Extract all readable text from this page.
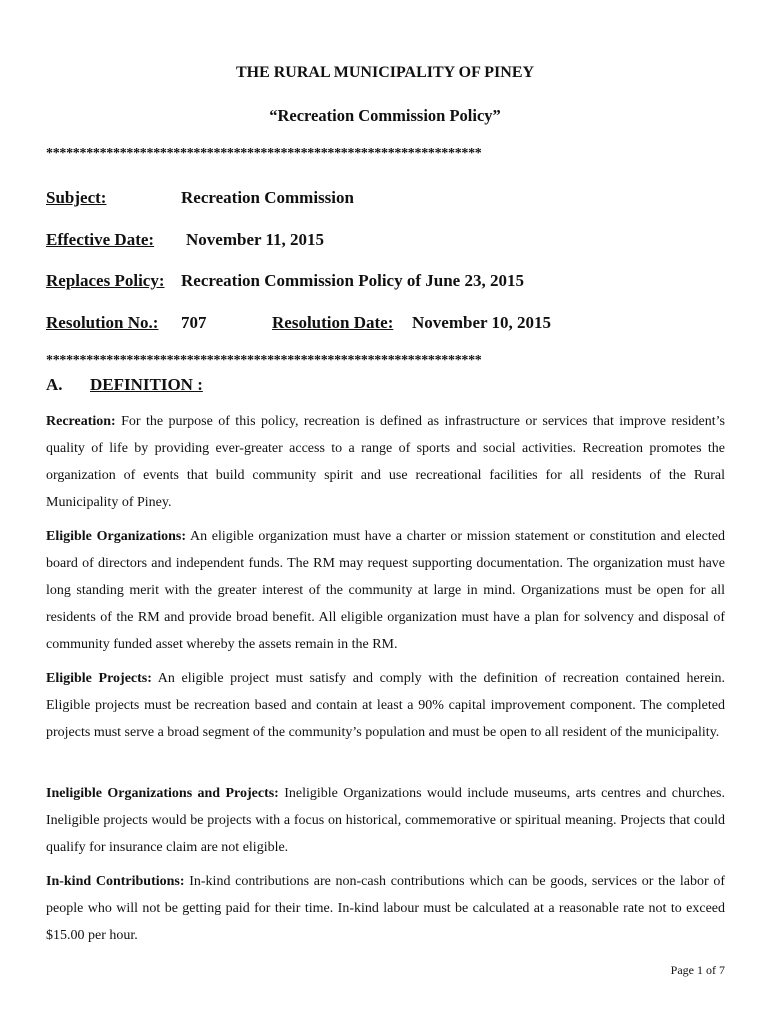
THE RURAL MUNICIPALITY OF PINEY
“Recreation Commission Policy”
*****************************************************************
Subject:	Recreation Commission
Effective Date: November 11, 2015
Replaces Policy: Recreation Commission Policy of June 23, 2015
Resolution No.: 707	Resolution Date: November 10, 2015
*****************************************************************
A. DEFINITION :
Recreation: For the purpose of this policy, recreation is defined as infrastructure or services that improve resident’s quality of life by providing ever-greater access to a range of sports and social activities. Recreation promotes the organization of events that build community spirit and use recreational facilities for all residents of the Rural Municipality of Piney.
Eligible Organizations: An eligible organization must have a charter or mission statement or constitution and elected board of directors and independent funds. The RM may request supporting documentation. The organization must have long standing merit with the greater interest of the community at large in mind. Organizations must be open for all residents of the RM and provide broad benefit. All eligible organization must have a plan for solvency and disposal of community funded asset whereby the assets remain in the RM.
Eligible Projects: An eligible project must satisfy and comply with the definition of recreation contained herein. Eligible projects must be recreation based and contain at least a 90% capital improvement component. The completed projects must serve a broad segment of the community’s population and must be open to all resident of the municipality.
Ineligible Organizations and Projects: Ineligible Organizations would include museums, arts centres and churches. Ineligible projects would be projects with a focus on historical, commemorative or spiritual meaning. Projects that could qualify for insurance claim are not eligible.
In-kind Contributions: In-kind contributions are non-cash contributions which can be goods, services or the labor of people who will not be getting paid for their time. In-kind labour must be calculated at a reasonable rate not to exceed $15.00 per hour.
Page 1 of 7
